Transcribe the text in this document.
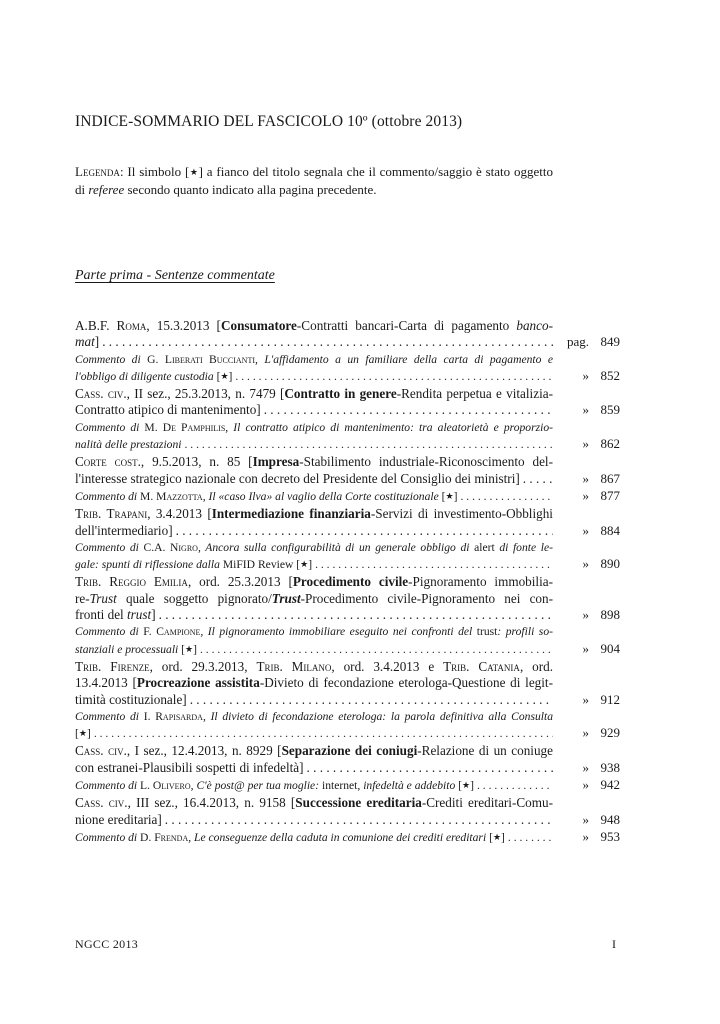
INDICE-SOMMARIO DEL FASCICOLO 10º (ottobre 2013)
Legenda: Il simbolo [★] a fianco del titolo segnala che il commento/saggio è stato oggetto di referee secondo quanto indicato alla pagina precedente.
Parte prima - Sentenze commentate
A.B.F. Roma, 15.3.2013 [Consumatore-Contratti bancari-Carta di pagamento banco-
mat] . . .	pag. 849
Commento di G. Liberati Buccianti, L'affidamento a un familiare della carta di pagamento e
l'obbligo di diligente custodia [★] . . .	» 852
Cass. civ., II sez., 25.3.2013, n. 7479 [Contratto in genere-Rendita perpetua e vitalizia-
Contratto atipico di mantenimento] . . .	» 859
Commento di M. De Pamphilis, Il contratto atipico di mantenimento: tra aleatorietà e proporzio-
nalità delle prestazioni . . .	» 862
Corte cost., 9.5.2013, n. 85 [Impresa-Stabilimento industriale-Riconoscimento del-
l'interesse strategico nazionale con decreto del Presidente del Consiglio dei ministri] . . .	» 867
Commento di M. Mazzotta, Il «caso Ilva» al vaglio della Corte costituzionale [★] . . .	» 877
Trib. Trapani, 3.4.2013 [Intermediazione finanziaria-Servizi di investimento-Obblighi
dell'intermediario] . . .	» 884
Commento di C.A. Nigro, Ancora sulla configurabilità di un generale obbligo di alert di fonte le-
gale: spunti di riflessione dalla MiFID Review [★] . . .	» 890
Trib. Reggio Emilia, ord. 25.3.2013 [Procedimento civile-Pignoramento immobilia-
re-Trust quale soggetto pignorato/Trust-Procedimento civile-Pignoramento nei con-
fronti del trust] . . .	» 898
Commento di F. Campione, Il pignoramento immobiliare eseguito nei confronti del trust: profili so-
stanziali e processuali [★] . . .	» 904
Trib. Firenze, ord. 29.3.2013, Trib. Milano, ord. 3.4.2013 e Trib. Catania, ord.
13.4.2013 [Procreazione assistita-Divieto di fecondazione eterologa-Questione di legit-
timità costituzionale] . . .	» 912
Commento di I. Rapisarda, Il divieto di fecondazione eterologa: la parola definitiva alla Consulta
[★] . . .	» 929
Cass. civ., I sez., 12.4.2013, n. 8929 [Separazione dei coniugi-Relazione di un coniuge
con estranei-Plausibili sospetti di infedeltà] . . .	» 938
Commento di L. Olivero, C'è post@ per tua moglie: internet, infedeltà e addebito [★] . . .	» 942
Cass. civ., III sez., 16.4.2013, n. 9158 [Successione ereditaria-Crediti ereditari-Comu-
nione ereditaria] . . .	» 948
Commento di D. Frenda, Le conseguenze della caduta in comunione dei crediti ereditari [★] . . .	» 953
NGCC 2013	I
